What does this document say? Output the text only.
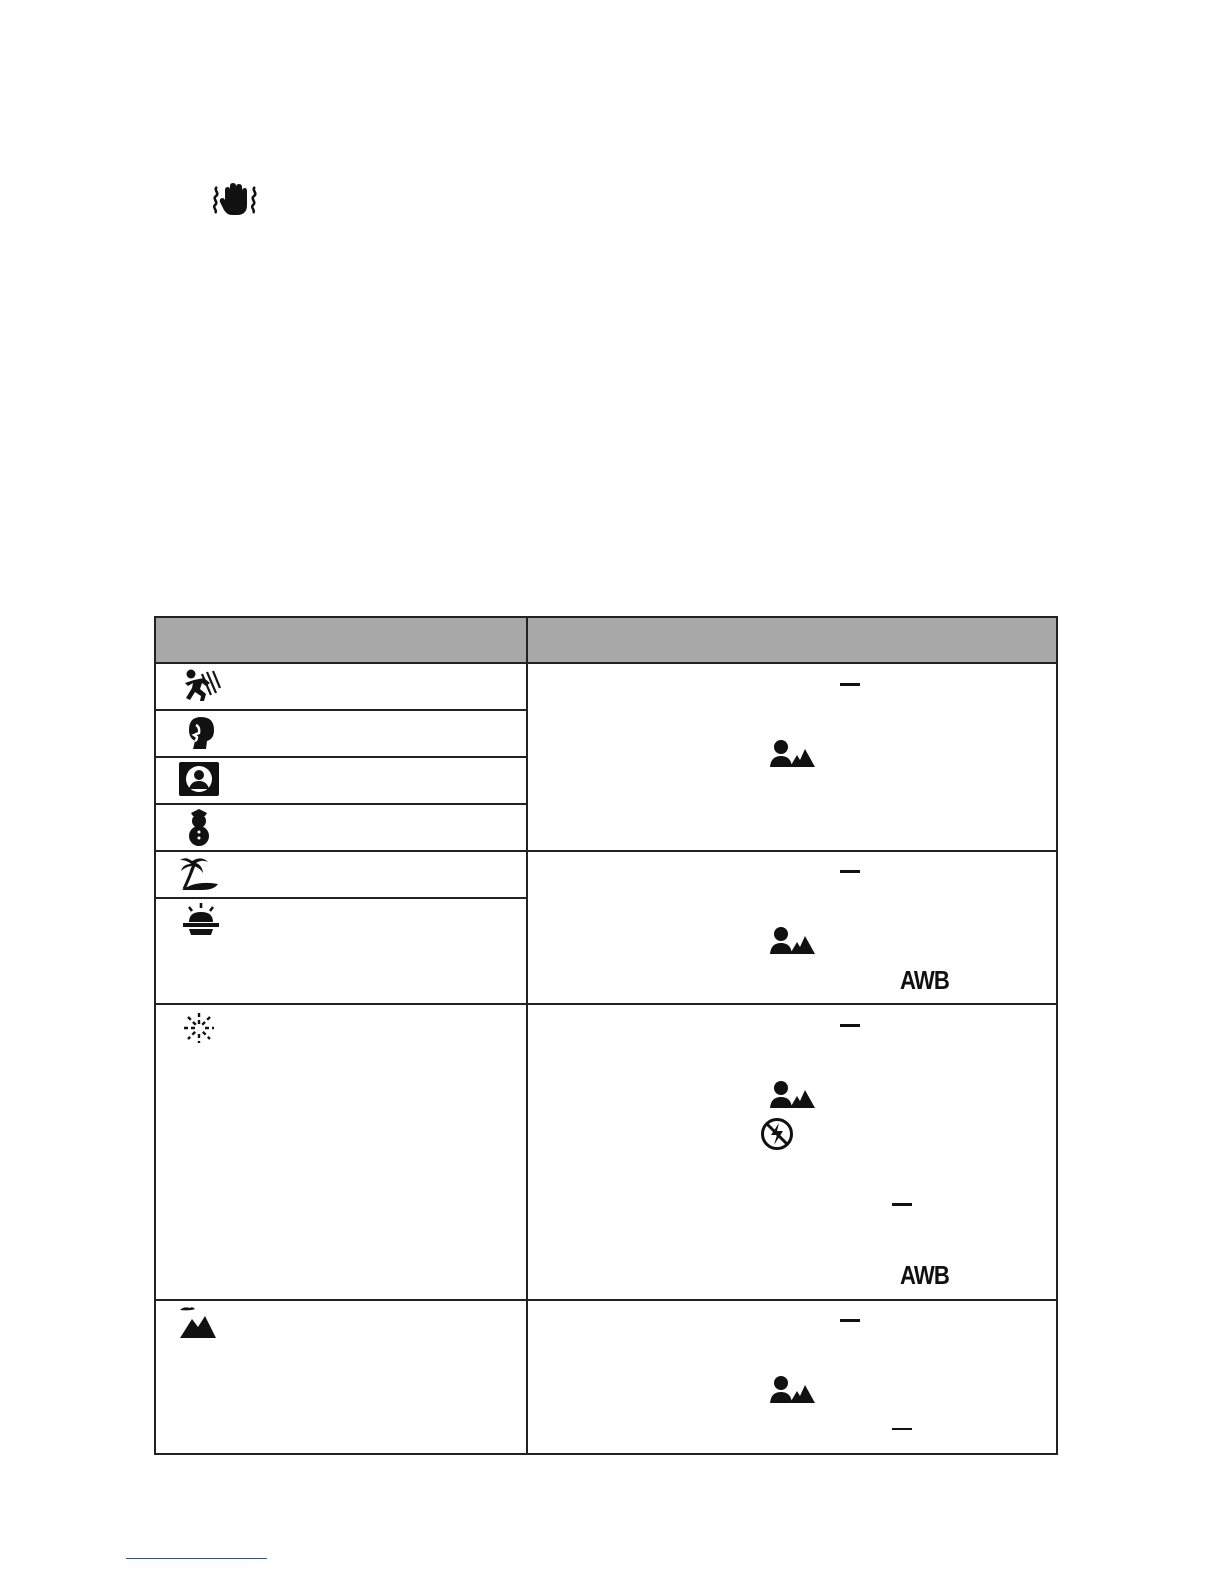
AWB
AWB
